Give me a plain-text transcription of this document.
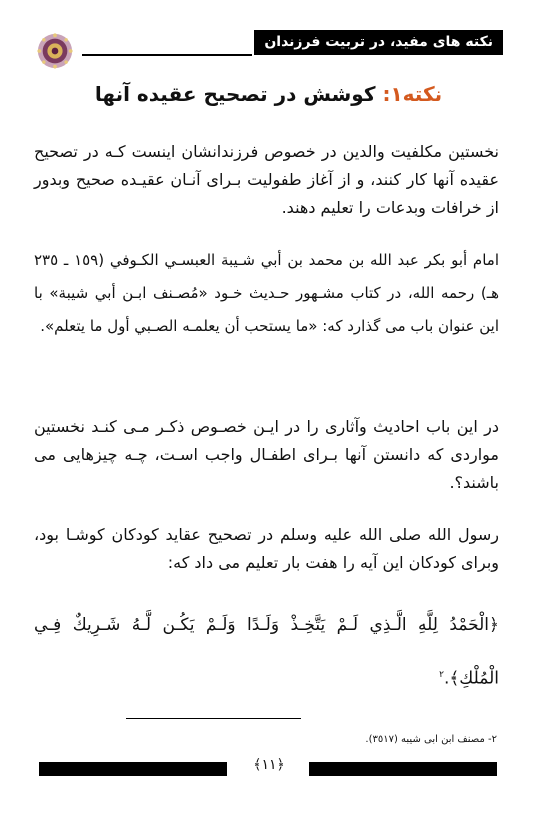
نکته های مفید، در تربیت فرزندان
نکته۱: کوشش در تصحیح عقیده آنها

نخستین مکلفیت والدین در خصوص فرزندانشان اینست کـه در تصحیح عقیده آنها کار کنند، و از آغاز طفولیت بـرای آنـان عقیـده صحیح وبدور از خرافات وبدعات را تعلیم دهند.

امام أبو بكر عبد الله بن محمد بن أبي شـيبة العبسـي الكـوفي (١٥٩ ـ ٢٣٥ هـ) رحمه الله، در کتاب مشـهور حـدیث خـود «مُصـنف ابـن أبي شيبة» با این عنوان باب می گذارد که: «ما يستحب أن يعلمـه الصـبي أول ما يتعلم».

در این باب احادیث وآثاری را در ایـن خصـوص ذکـر مـی کنـد نخستین مواردی که دانستن آنها بـرای اطفـال واجب اسـت، چـه چیزهایی می باشند؟.

رسول الله صلى الله عليه وسلم در تصحیح عقاید کودکان کوشـا بود، وبرای کودکان این آیه را هفت بار تعلیم می داد که:

﴿الْحَمْدُ لِلَّهِ الَّـذِي لَـمْ يَتَّخِـذْ وَلَـدًا وَلَـمْ يَكُـن لَّـهُ شَـرِيكٌ فِـي الْمُلْكِ﴾.$^٢$

٢- مصنف ابن ابی شیبه (٣٥١٧).
﴿١١﴾
